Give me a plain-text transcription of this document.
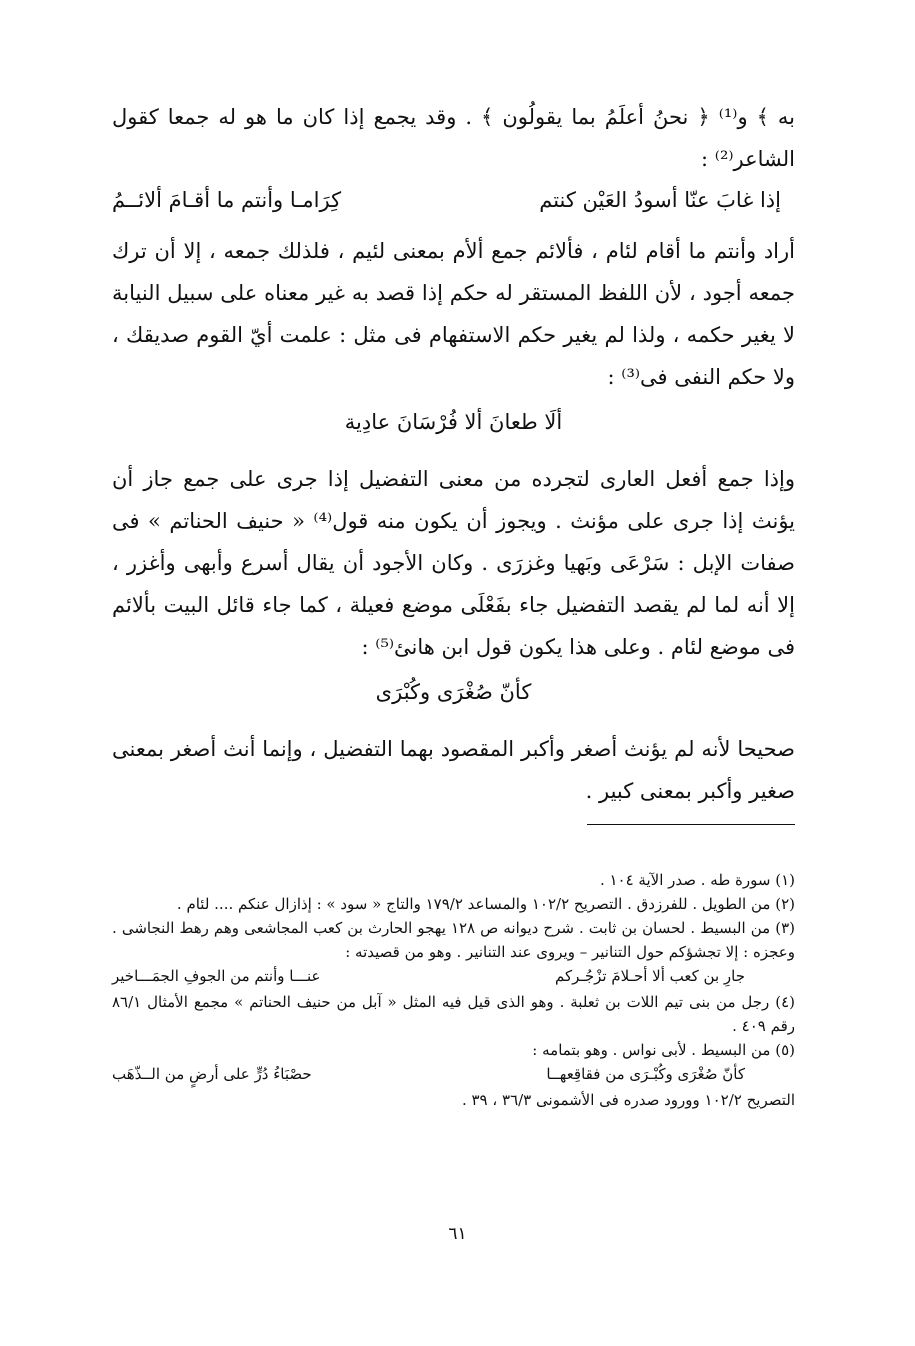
به ﴾ و⁽¹⁾ ﴿ نحنُ أعلَمُ بما يقولُون ﴾ . وقد يجمع إذا كان ما هو له جمعا كقول الشاعر⁽²⁾ :

إذا غابَ عنّا أسودُ العَيْن كنتم
كِرَامـا وأنتم ما أقـامَ ألائــمُ

أراد وأنتم ما أقام لئام ، فألائم جمع ألأم بمعنى لئيم ، فلذلك جمعه ، إلا أن ترك جمعه أجود ، لأن اللفظ المستقر له حكم إذا قصد به غير معناه على سبيل النيابة لا يغير حكمه ، ولذا لم يغير حكم الاستفهام فى مثل : علمت أيّ القوم صديقك ، ولا حكم النفى فى⁽³⁾ :

ألَا طعانَ ألا فُرْسَانَ عادِية

وإذا جمع أفعل العارى لتجرده من معنى التفضيل إذا جرى على جمع جاز أن يؤنث إذا جرى على مؤنث . ويجوز أن يكون منه قول⁽⁴⁾ « حنيف الحناتم » فى صفات الإبل : سَرْعَى وبَهيا وغزرَى . وكان الأجود أن يقال أسرع وأبهى وأغزر ، إلا أنه لما لم يقصد التفضيل جاء بفَعْلَى موضع فعيلة ، كما جاء قائل البيت بألائم فى موضع لئام . وعلى هذا يكون قول ابن هانئ⁽⁵⁾ :

كأنّ صُغْرَى وكُبْرَى

صحيحا لأنه لم يؤنث أصغر وأكبر المقصود بهما التفضيل ، وإنما أنث أصغر بمعنى صغير وأكبر بمعنى كبير .

(١) سورة طه . صدر الآية ١٠٤ .

(٢) من الطويل . للفرزدق . التصريح ١٠٢/٢ والمساعد ١٧٩/٢ والتاج « سود » : إذازال عنكم .... لئام .

(٣) من البسيط . لحسان بن ثابت . شرح ديوانه ص ١٢٨ يهجو الحارث بن كعب المجاشعى وهم رهط النجاشى . وعجزه : إلا تجشؤكم حول التنانير – ويروى عند التنانير . وهو من قصيدته :

جارِ بن كعب ألا أحـلامَ تزْجُـركم
عنـــا وأنتم من الجوفِ الجمَـــاخير

(٤) رجل من بنى تيم اللات بن ثعلبة . وهو الذى قيل فيه المثل « آبل من حنيف الحناتم » مجمع الأمثال ٨٦/١ رقم ٤٠٩ .

(٥) من البسيط . لأبى نواس . وهو بتمامه :

كأنّ صُغْرَى وكُبْـرَى من فقاقِعهــا
حصْبَاءُ دُرٍّ على أرضٍ من الــذّهَب

التصريح ١٠٢/٢ وورود صدره فى الأشمونى ٣٦/٣ ، ٣٩ .

٦١
